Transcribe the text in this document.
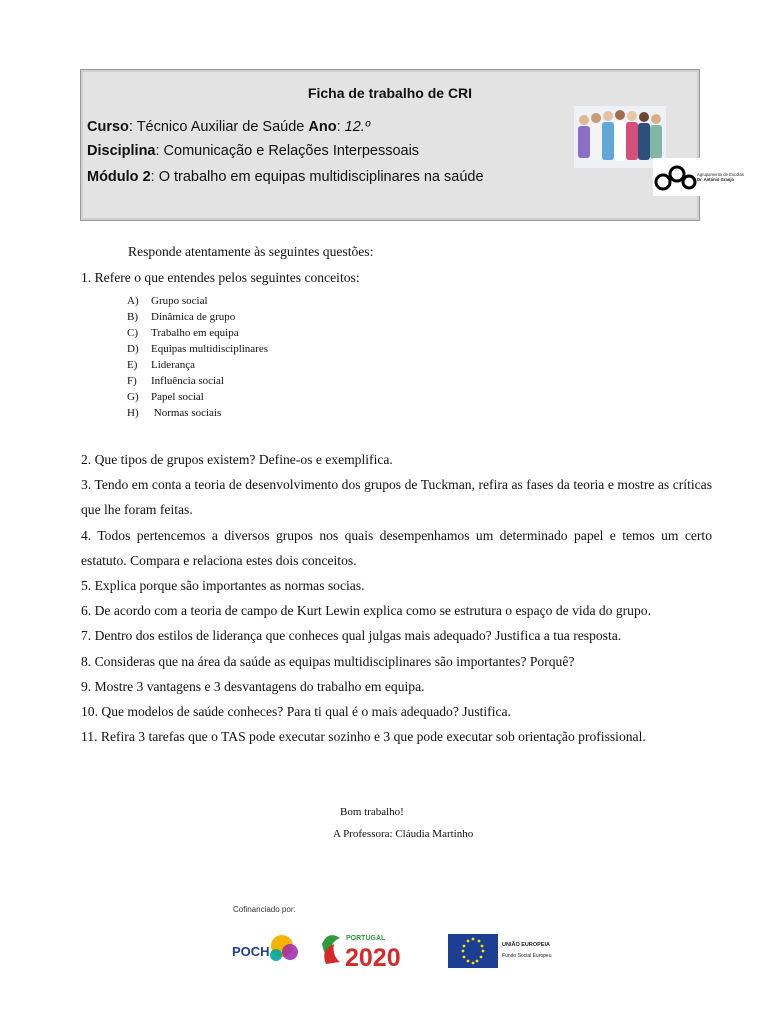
Ficha de trabalho de CRI
Curso: Técnico Auxiliar de Saúde Ano: 12.º
Disciplina: Comunicação e Relações Interpessoais
Módulo 2: O trabalho em equipas multidisciplinares na saúde	Agrupamento de Escolas
Dr. António Granjo
Responde atentamente às seguintes questões:
1. Refere o que entendes pelos seguintes conceitos:
A) Grupo social
B) Dinâmica de grupo
C) Trabalho em equipa
D) Equipas multidisciplinares
E) Liderança
F) Influência social
G) Papel social
H) Normas sociais
2. Que tipos de grupos existem? Define-os e exemplifica.
3. Tendo em conta a teoria de desenvolvimento dos grupos de Tuckman, refira as fases da teoria e mostre as críticas que lhe foram feitas.
4. Todos pertencemos a diversos grupos nos quais desempenhamos um determinado papel e temos um certo estatuto. Compara e relaciona estes dois conceitos.
5. Explica porque são importantes as normas socias.
6. De acordo com a teoria de campo de Kurt Lewin explica como se estrutura o espaço de vida do grupo.
7. Dentro dos estilos de liderança que conheces qual julgas mais adequado? Justifica a tua resposta.
8. Consideras que na área da saúde as equipas multidisciplinares são importantes? Porquê?
9. Mostre 3 vantagens e 3 desvantagens do trabalho em equipa.
10. Que modelos de saúde conheces? Para ti qual é o mais adequado? Justifica.
11. Refira 3 tarefas que o TAS pode executar sozinho e 3 que pode executar sob orientação profissional.
Bom trabalho!
A Professora: Cláudia Martinho
Cofinanciado por:
POCH
PORTUGAL
2020	UNIÃO EUROPEIA
Fundo Social Europeu
